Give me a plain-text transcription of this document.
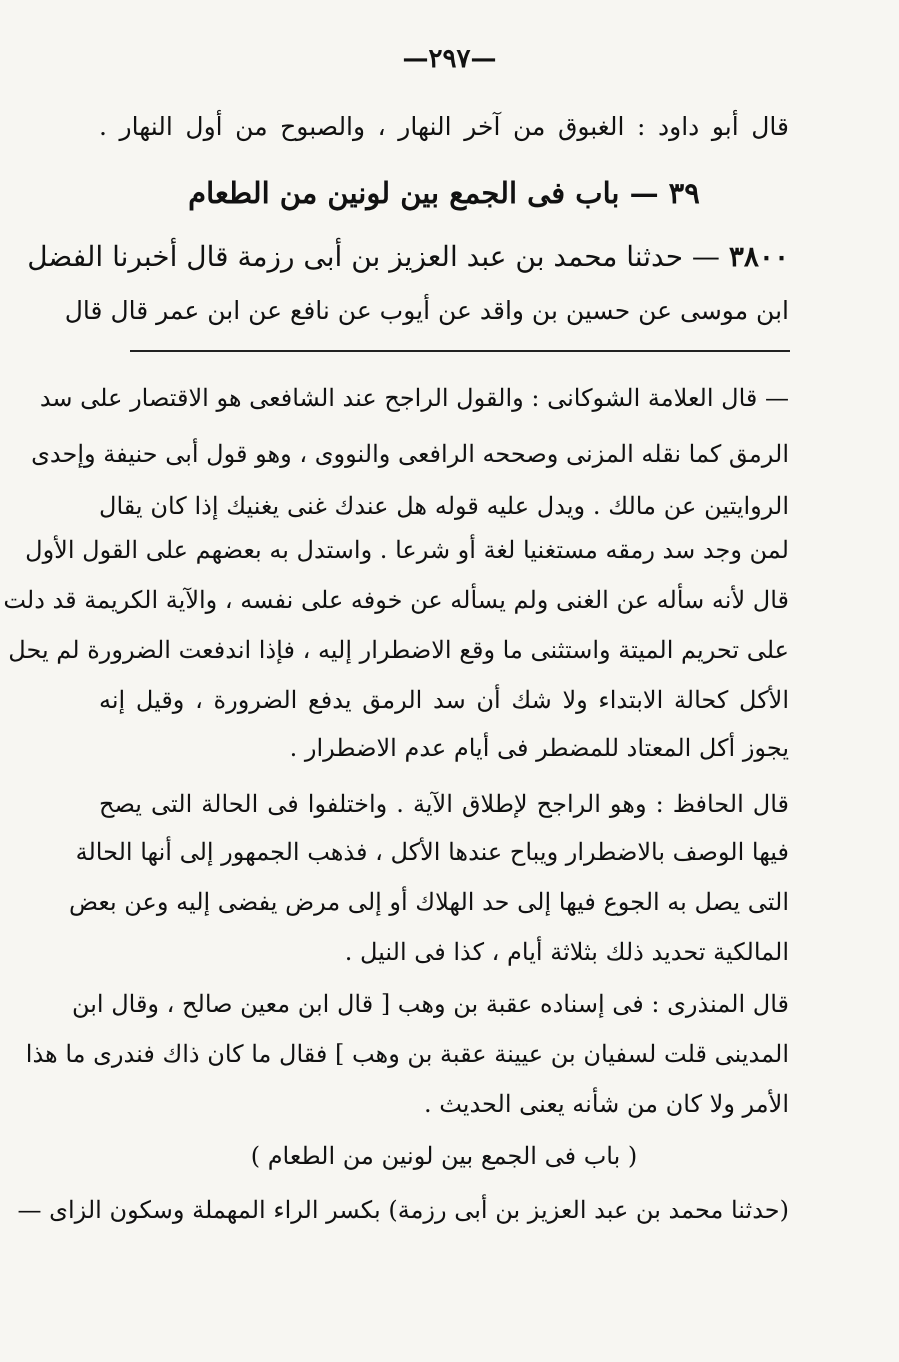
—٢٩٧—
قال أبو داود : الغبوق من آخر النهار ، والصبوح من أول النهار .
٣٩ — باب فى الجمع بين لونين من الطعام
٣٨٠٠ — حدثنا محمد بن عبد العزيز بن أبى رزمة قال أخبرنا الفضل
ابن موسى عن حسين بن واقد عن أيوب عن نافع عن ابن عمر قال قال
— قال العلامة الشوكانى : والقول الراجح عند الشافعى هو الاقتصار على سد
الرمق كما نقله المزنى وصححه الرافعى والنووى ، وهو قول أبى حنيفة وإحدى
الروايتين عن مالك . ويدل عليه قوله هل عندك غنى يغنيك إذا كان يقال
لمن وجد سد رمقه مستغنيا لغة أو شرعا . واستدل به بعضهم على القول الأول
قال لأنه سأله عن الغنى ولم يسأله عن خوفه على نفسه ، والآية الكريمة قد دلت
على تحريم الميتة واستثنى ما وقع الاضطرار إليه ، فإذا اندفعت الضرورة لم يحل
الأكل كحالة الابتداء ولا شك أن سد الرمق يدفع الضرورة ، وقيل إنه
يجوز أكل المعتاد للمضطر فى أيام عدم الاضطرار .
قال الحافظ : وهو الراجح لإطلاق الآية . واختلفوا فى الحالة التى يصح
فيها الوصف بالاضطرار ويباح عندها الأكل ، فذهب الجمهور إلى أنها الحالة
التى يصل به الجوع فيها إلى حد الهلاك أو إلى مرض يفضى إليه وعن بعض
المالكية تحديد ذلك بثلاثة أيام ، كذا فى النيل .
قال المنذرى : فى إسناده عقبة بن وهب [ قال ابن معين صالح ، وقال ابن
المدينى قلت لسفيان بن عيينة عقبة بن وهب ] فقال ما كان ذاك فندرى ما هذا
الأمر ولا كان من شأنه يعنى الحديث .
( باب فى الجمع بين لونين من الطعام )
(حدثنا محمد بن عبد العزيز بن أبى رزمة) بكسر الراء المهملة وسكون الزاى —
